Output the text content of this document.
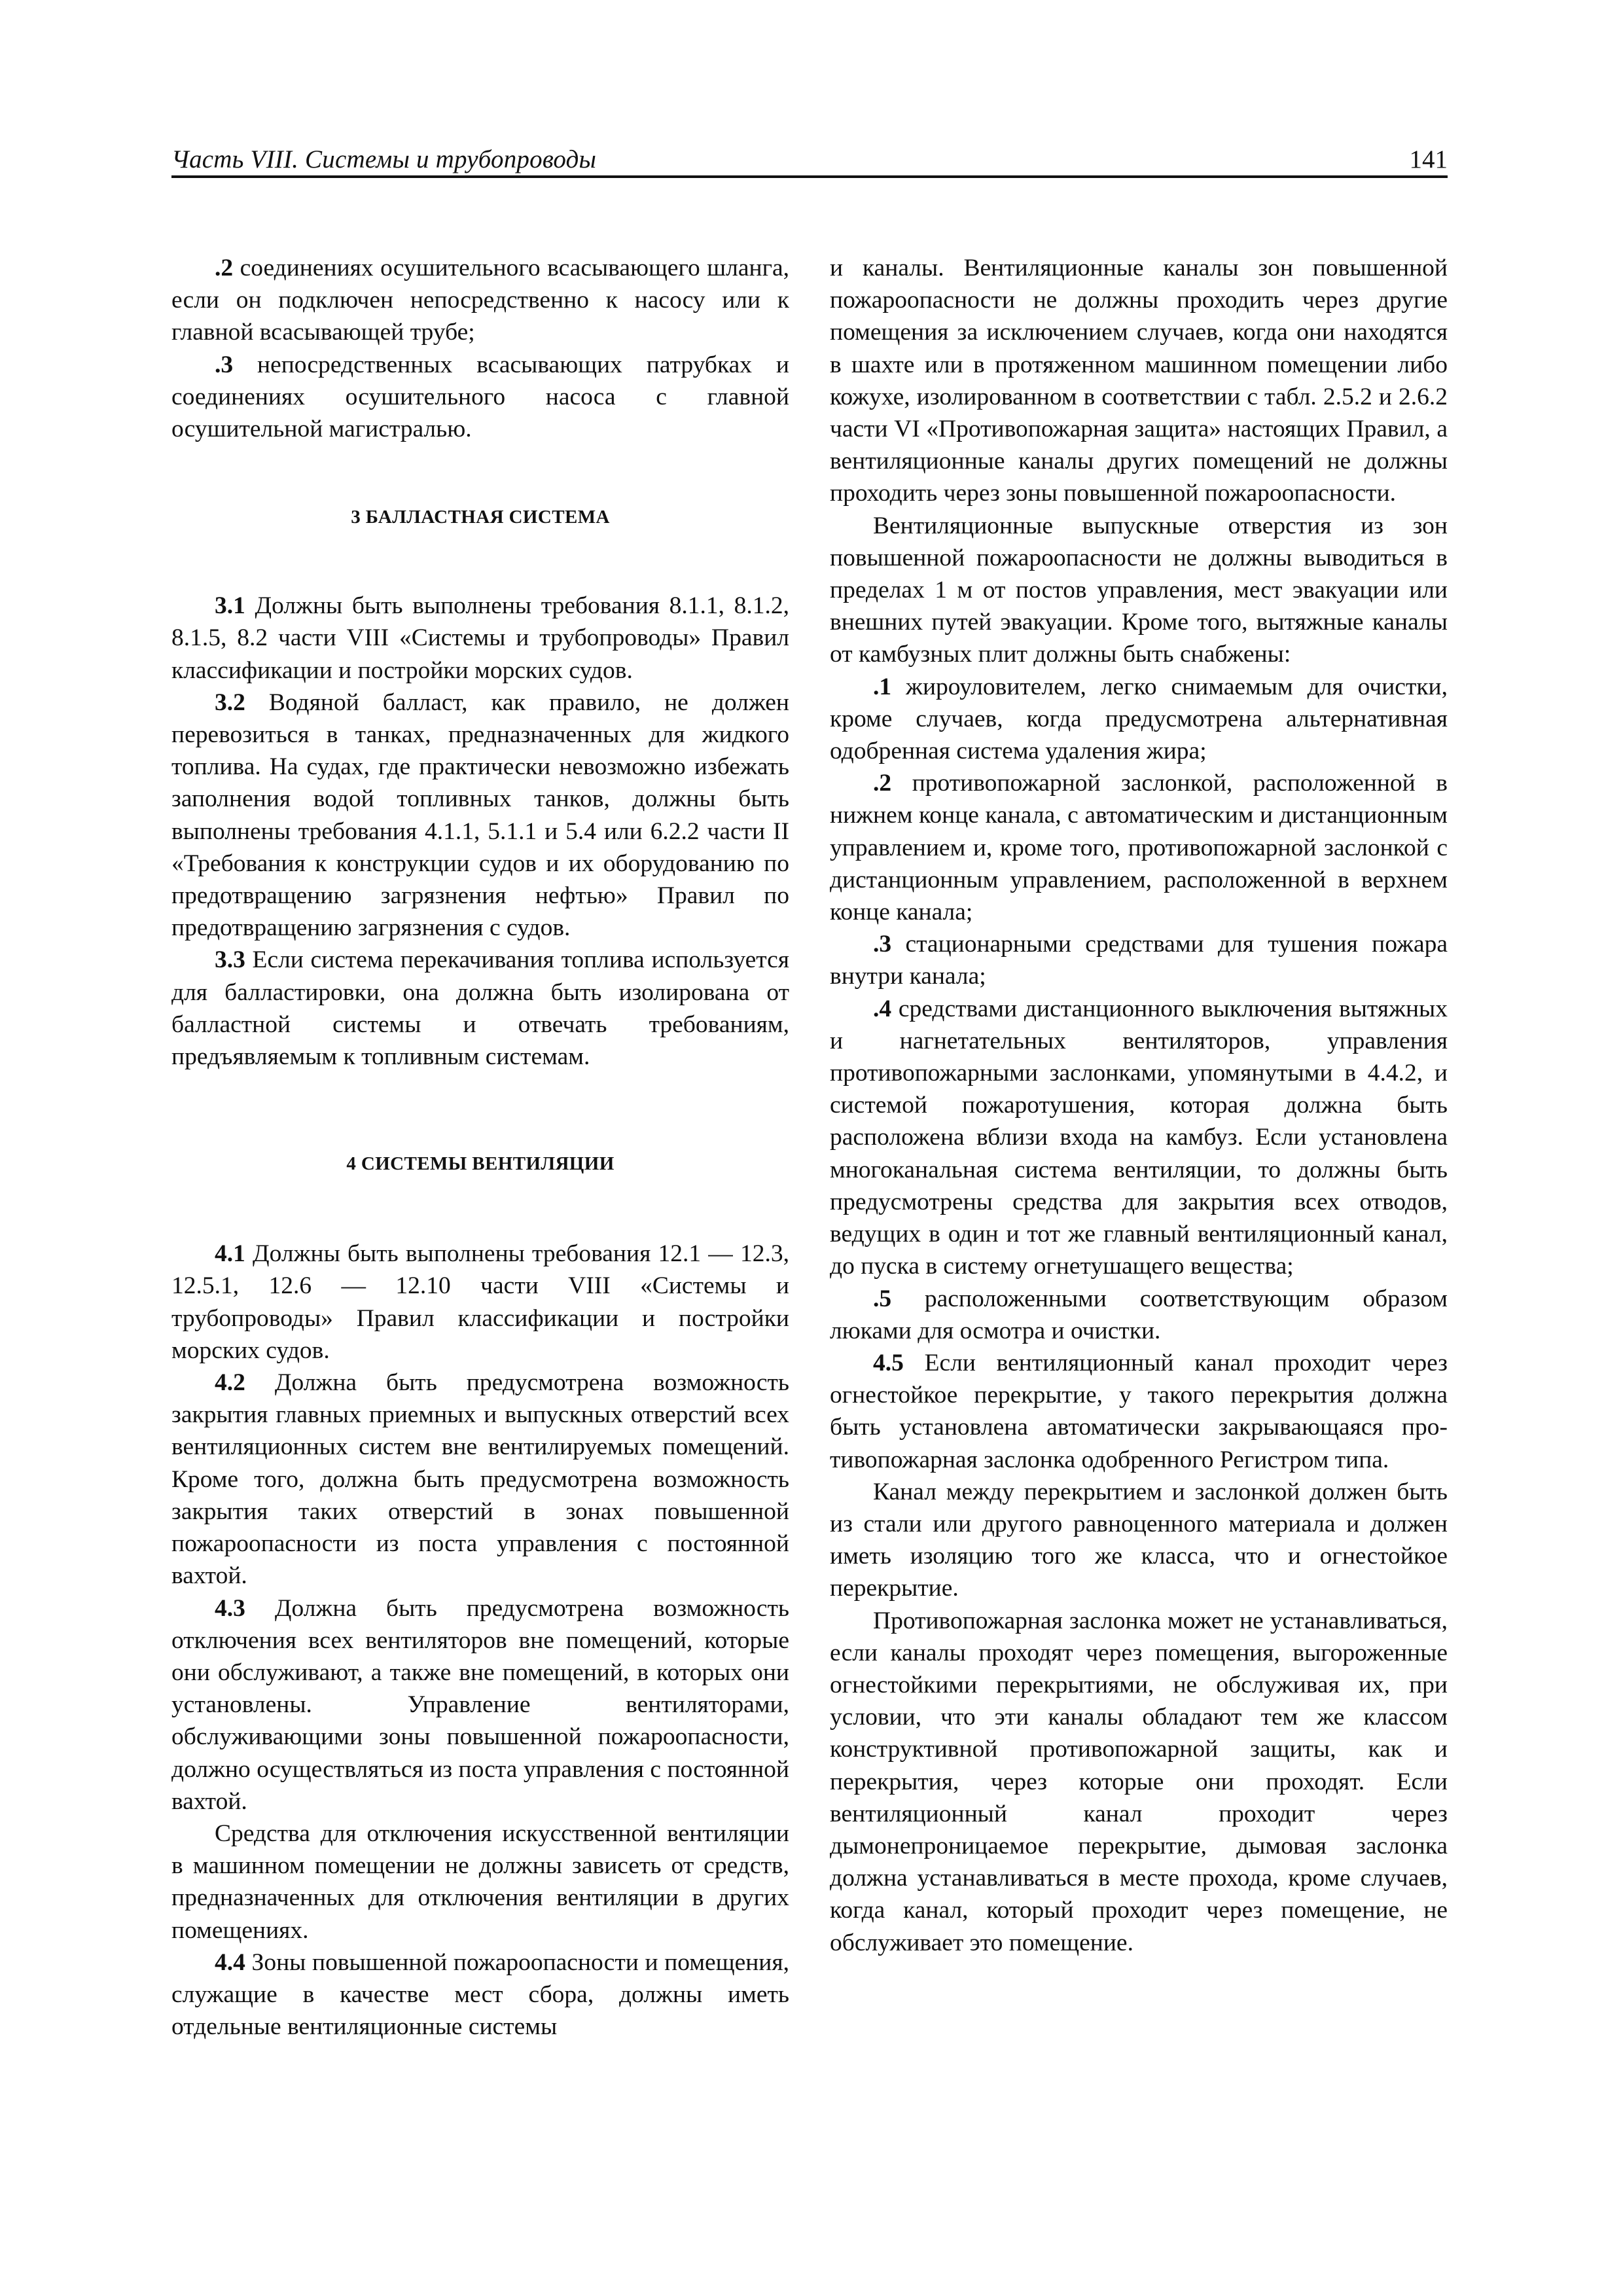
Часть VIII. Системы и трубопроводы	141

.2 соединениях осушительного всасывающего шланга, если он подключен непосредственно к насосу или к главной всасывающей трубе;

.3 непосредственных всасывающих патрубках и соединениях осушительного насоса с главной осушительной магистралью.

3 БАЛЛАСТНАЯ СИСТЕМА

3.1 Должны быть выполнены требования 8.1.1, 8.1.2, 8.1.5, 8.2 части VIII «Системы и трубопроводы» Правил классификации и постройки морских судов.

3.2 Водяной балласт, как правило, не должен перевозиться в танках, предназначенных для жидкого топлива. На судах, где практически невозможно избежать заполнения водой топливных танков, должны быть выполнены требования 4.1.1, 5.1.1 и 5.4 или 6.2.2 части II «Требования к конструкции судов и их оборудованию по предотвращению загрязнения нефтью» Правил по предотвращению загрязнения с судов.

3.3 Если система перекачивания топлива используется для балластировки, она должна быть изолирована от балластной системы и отвечать требованиям, предъявляемым к топливным системам.

4 СИСТЕМЫ ВЕНТИЛЯЦИИ

4.1 Должны быть выполнены требования 12.1 — 12.3, 12.5.1, 12.6 — 12.10 части VIII «Системы и трубопроводы» Правил классификации и постройки морских судов.

4.2 Должна быть предусмотрена возможность закрытия главных приемных и выпускных отверстий всех вентиляционных систем вне вентилируемых помещений. Кроме того, должна быть предусмотрена возможность закрытия таких отверстий в зонах повышенной пожароопасности из поста управления с постоянной вахтой.

4.3 Должна быть предусмотрена возможность отключения всех вентиляторов вне помещений, которые они обслуживают, а также вне помещений, в которых они установлены. Управление вентиляторами, обслуживающими зоны повышенной пожароопасности, должно осуществляться из поста управления с постоянной вахтой.

Средства для отключения искусственной вентиляции в машинном помещении не должны зависеть от средств, предназначенных для отключения вентиляции в других помещениях.

4.4 Зоны повышенной пожароопасности и помещения, служащие в качестве мест сбора, должны иметь отдельные вентиляционные системы

и каналы. Вентиляционные каналы зон повышенной пожароопасности не должны проходить через другие помещения за исключением случаев, когда они находятся в шахте или в протяженном машинном помещении либо кожухе, изолированном в соответствии с табл. 2.5.2 и 2.6.2 части VI «Противопожарная защита» настоящих Правил, а вентиляционные каналы других помещений не должны проходить через зоны повышенной пожароопасности.

Вентиляционные выпускные отверстия из зон повышенной пожароопасности не должны выводиться в пределах 1 м от постов управления, мест эвакуации или внешних путей эвакуации. Кроме того, вытяжные каналы от камбузных плит должны быть снабжены:

.1 жироуловителем, легко снимаемым для очистки, кроме случаев, когда предусмотрена альтернативная одобренная система удаления жира;

.2 противопожарной заслонкой, расположенной в нижнем конце канала, с автоматическим и дистанционным управлением и, кроме того, противопожарной заслонкой с дистанционным управлением, расположенной в верхнем конце канала;

.3 стационарными средствами для тушения пожара внутри канала;

.4 средствами дистанционного выключения вытяжных и нагнетательных вентиляторов, управления противопожарными заслонками, упомянутыми в 4.4.2, и системой пожаротушения, которая должна быть расположена вблизи входа на камбуз. Если установлена многоканальная система вентиляции, то должны быть предусмотрены средства для закрытия всех отводов, ведущих в один и тот же главный вентиляционный канал, до пуска в систему огнетушащего вещества;

.5 расположенными соответствующим образом люками для осмотра и очистки.

4.5 Если вентиляционный канал проходит через огнестойкое перекрытие, у такого перекрытия должна быть установлена автоматически закрывающаяся противопожарная заслонка одобренного Регистром типа.

Канал между перекрытием и заслонкой должен быть из стали или другого равноценного материала и должен иметь изоляцию того же класса, что и огнестойкое перекрытие.

Противопожарная заслонка может не устанавливаться, если каналы проходят через помещения, выгороженные огнестойкими перекрытиями, не обслуживая их, при условии, что эти каналы обладают тем же классом конструктивной противопожарной защиты, как и перекрытия, через которые они проходят. Если вентиляционный канал проходит через дымонепроницаемое перекрытие, дымовая заслонка должна устанавливаться в месте прохода, кроме случаев, когда канал, который проходит через помещение, не обслуживает это помещение.
